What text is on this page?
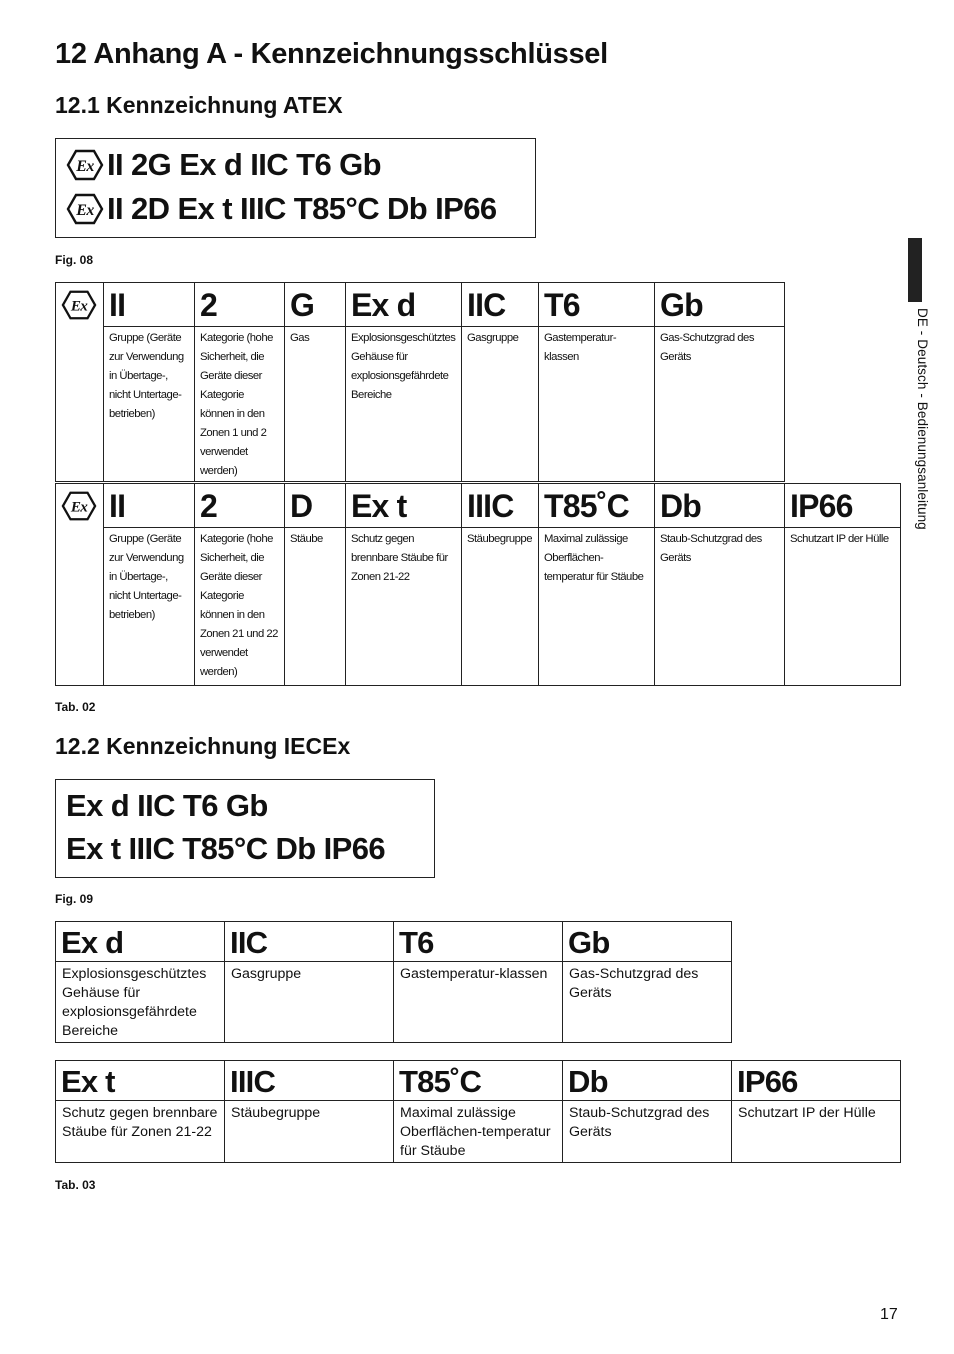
12 Anhang A - Kennzeichnungsschlüssel
12.1 Kennzeichnung ATEX
Ex II 2G Ex d IIC T6 Gb
Ex II 2D Ex t IIIC T85°C Db IP66
Fig. 08
Ex	II	2	G	Ex d	IIC	T6	Gb
	Gruppe (Geräte zur Verwendung in Übertage-, nicht Untertage-betrieben)	Kategorie (hohe Sicherheit, die Geräte dieser Kategorie können in den Zonen 1 und 2 verwendet werden)	Gas	Explosionsgeschütztes Gehäuse für explosionsgefährdete Bereiche	Gasgruppe	Gastemperatur-klassen	Gas-Schutzgrad des Geräts
Ex	II	2	D	Ex t	IIIC	T85˚C	Db	IP66
	Gruppe (Geräte zur Verwendung in Übertage-, nicht Untertage-betrieben)	Kategorie (hohe Sicherheit, die Geräte dieser Kategorie können in den Zonen 21 und 22 verwendet werden)	Stäube	Schutz gegen brennbare Stäube für Zonen 21-22	Stäubegruppe	Maximal zulässige Oberflächen-temperatur für Stäube	Staub-Schutzgrad des Geräts	Schutzart IP der Hülle
Tab. 02
12.2 Kennzeichnung IECEx
Ex d IIC T6 Gb
Ex t IIIC T85°C Db IP66
Fig. 09
Ex d	IIC	T6	Gb
Explosionsgeschütztes Gehäuse für explosionsgefährdete Bereiche	Gasgruppe	Gastemperatur-klassen	Gas-Schutzgrad des Geräts
Ex t	IIIC	T85˚C	Db	IP66
Schutz gegen brennbare Stäube für Zonen 21-22	Stäubegruppe	Maximal zulässige Oberflächen-temperatur für Stäube	Staub-Schutzgrad des Geräts	Schutzart IP der Hülle
Tab. 03
DE - Deutsch - Bedienungsanleitung
17
